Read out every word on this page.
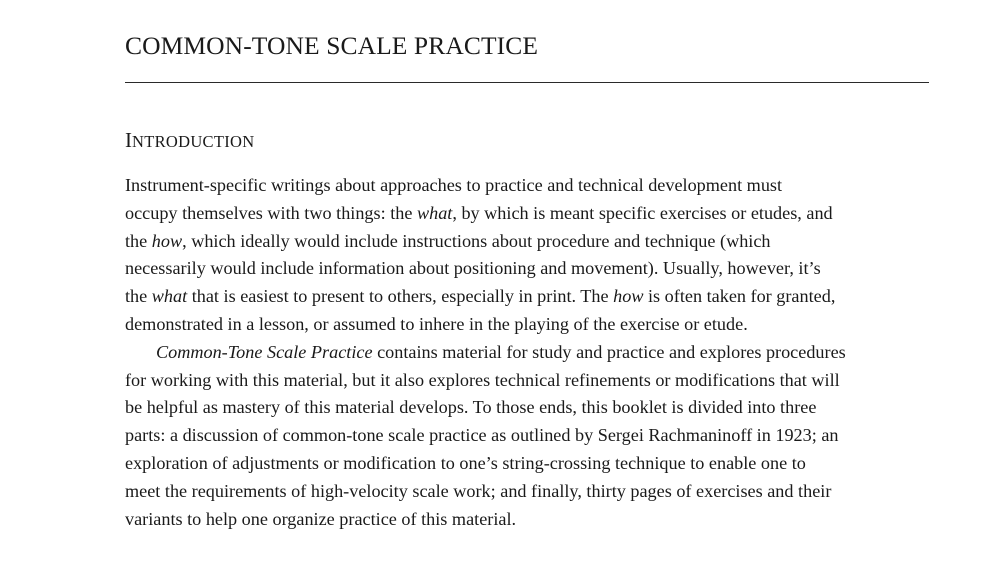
COMMON-TONE SCALE PRACTICE
INTRODUCTION
Instrument-specific writings about approaches to practice and technical development must
occupy themselves with two things: the what, by which is meant specific exercises or etudes, and
the how, which ideally would include instructions about procedure and technique (which
necessarily would include information about positioning and movement). Usually, however, it’s
the what that is easiest to present to others, especially in print. The how is often taken for granted,
demonstrated in a lesson, or assumed to inhere in the playing of the exercise or etude.
Common-Tone Scale Practice contains material for study and practice and explores procedures
for working with this material, but it also explores technical refinements or modifications that will
be helpful as mastery of this material develops. To those ends, this booklet is divided into three
parts: a discussion of common-tone scale practice as outlined by Sergei Rachmaninoff in 1923; an
exploration of adjustments or modification to one’s string-crossing technique to enable one to
meet the requirements of high-velocity scale work; and finally, thirty pages of exercises and their
variants to help one organize practice of this material.
